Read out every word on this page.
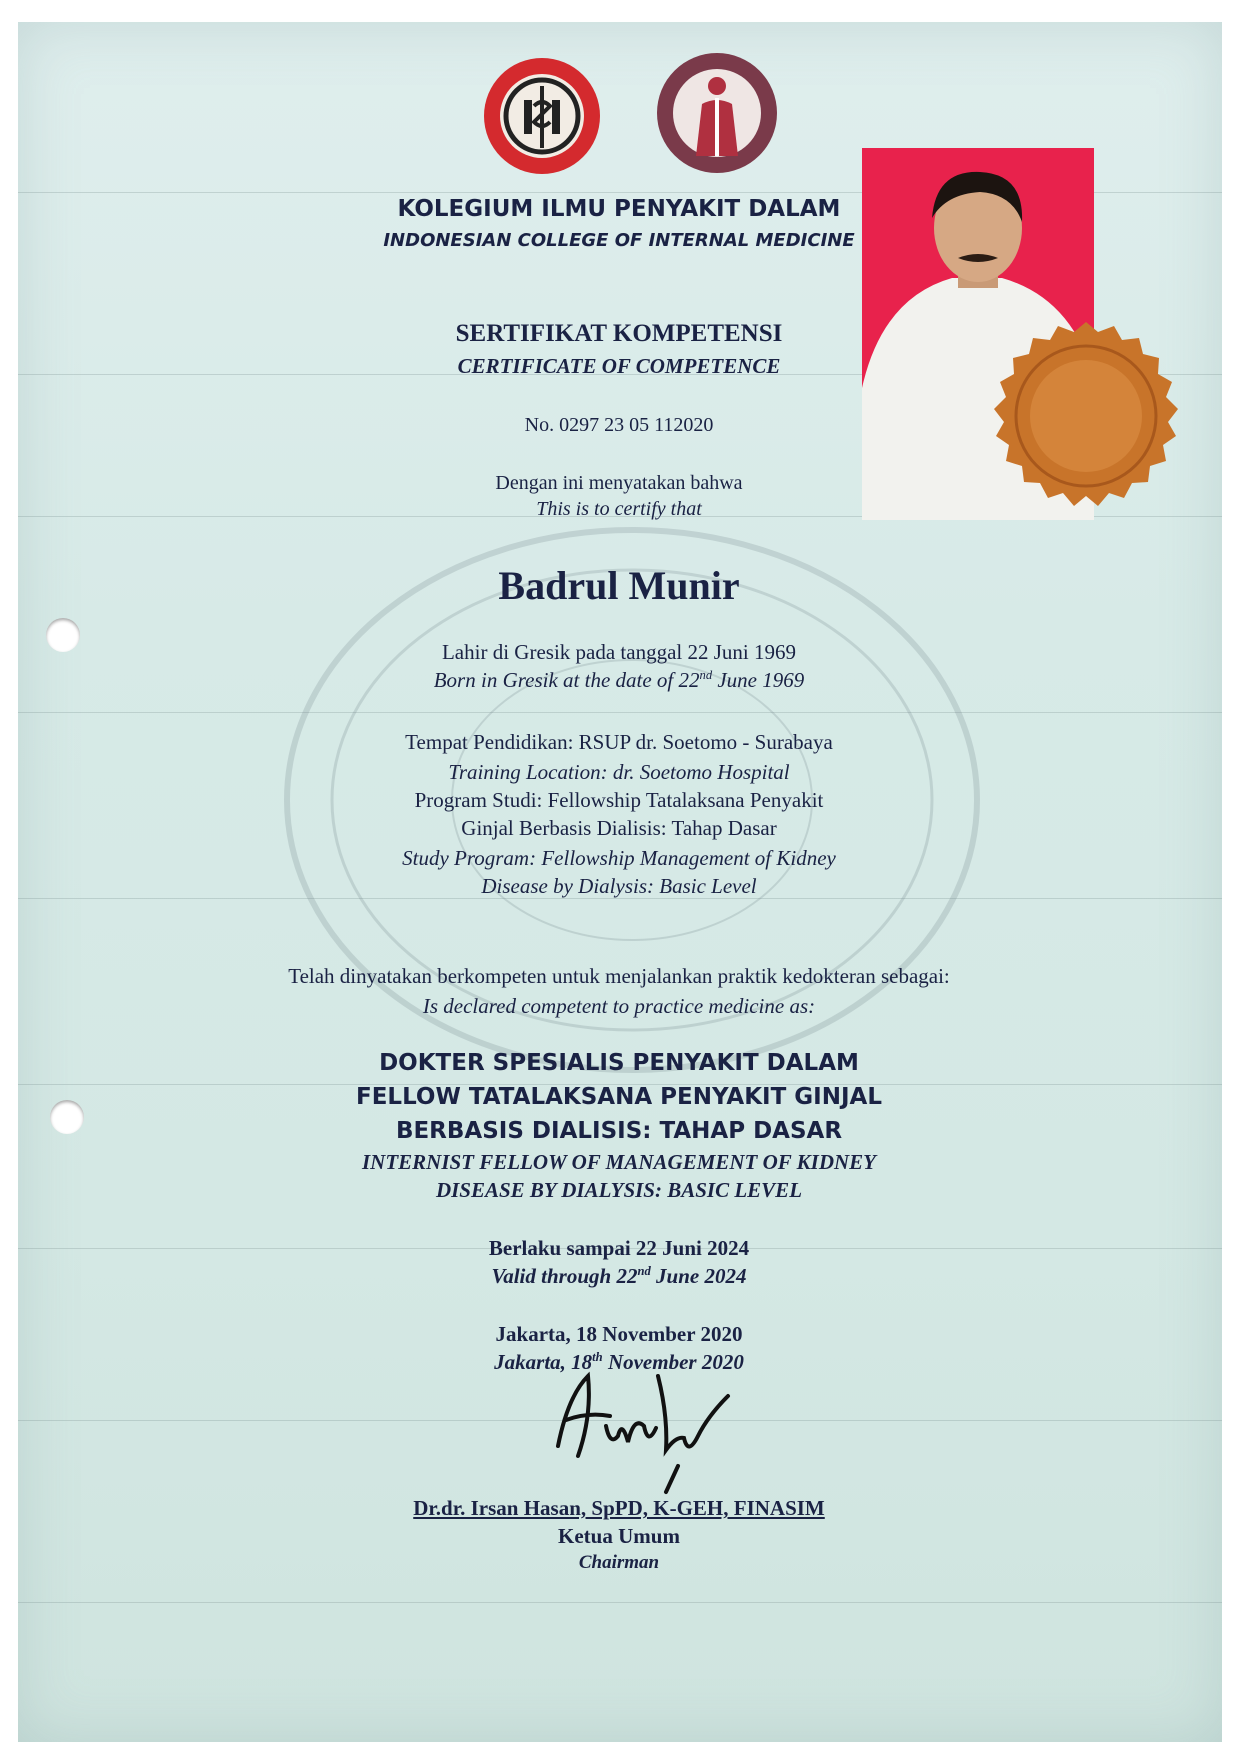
KOLEGIUM ILMU PENYAKIT DALAM
INDONESIAN COLLEGE OF INTERNAL MEDICINE
SERTIFIKAT KOMPETENSI
CERTIFICATE OF COMPETENCE
No. 0297 23 05 112020
Dengan ini menyatakan bahwa
This is to certify that
Badrul Munir
Lahir di Gresik pada tanggal 22 Juni 1969
Born in Gresik at the date of 22nd June 1969
Tempat Pendidikan: RSUP dr. Soetomo - Surabaya
Training Location: dr. Soetomo Hospital
Program Studi: Fellowship Tatalaksana Penyakit
Ginjal Berbasis Dialisis: Tahap Dasar
Study Program: Fellowship Management of Kidney
Disease by Dialysis: Basic Level
Telah dinyatakan berkompeten untuk menjalankan praktik kedokteran sebagai:
Is declared competent to practice medicine as:
DOKTER SPESIALIS PENYAKIT DALAM
FELLOW TATALAKSANA PENYAKIT GINJAL
BERBASIS DIALISIS: TAHAP DASAR
INTERNIST FELLOW OF MANAGEMENT OF KIDNEY
DISEASE BY DIALYSIS: BASIC LEVEL
Berlaku sampai 22 Juni 2024
Valid through 22nd June 2024
Jakarta, 18 November 2020
Jakarta, 18th November 2020
Dr.dr. Irsan Hasan, SpPD, K-GEH, FINASIM
Ketua Umum
Chairman
